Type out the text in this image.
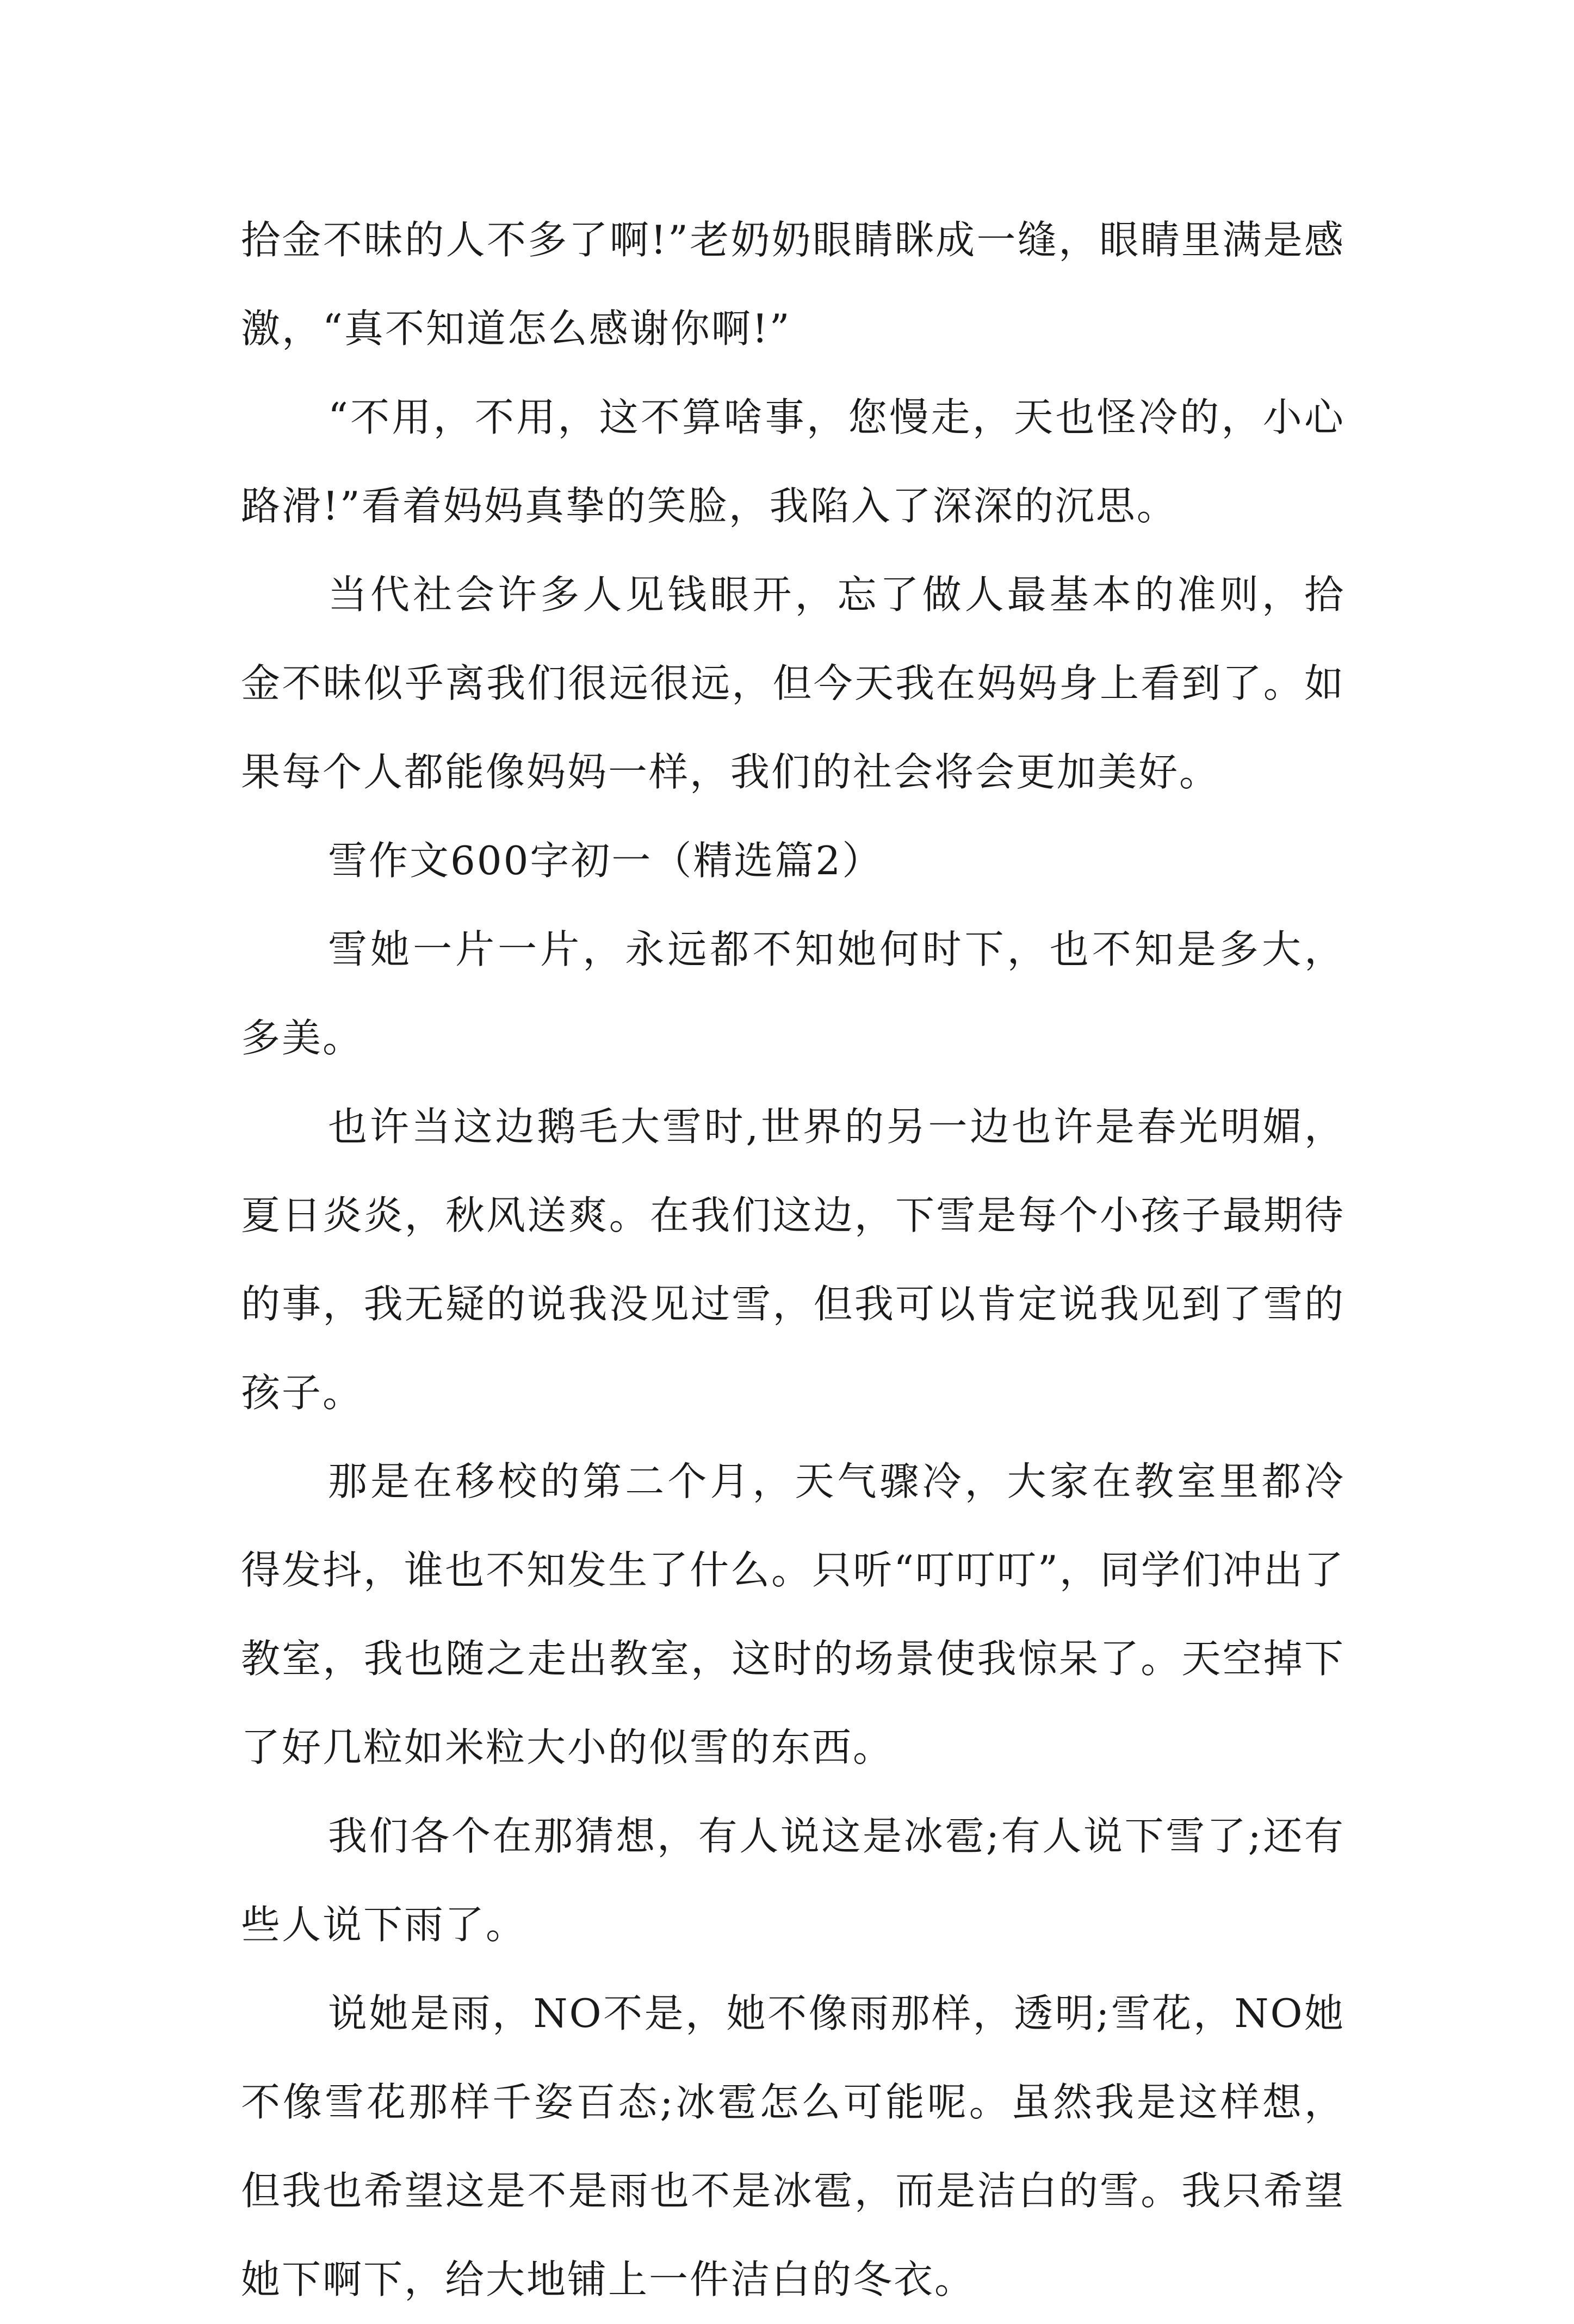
拾金不昧的人不多了啊!”老奶奶眼睛眯成一缝，眼睛里满是感激，“真不知道怎么感谢你啊!”

“不用，不用，这不算啥事，您慢走，天也怪冷的，小心路滑!”看着妈妈真挚的笑脸，我陷入了深深的沉思。

当代社会许多人见钱眼开，忘了做人最基本的准则，拾金不昧似乎离我们很远很远，但今天我在妈妈身上看到了。如果每个人都能像妈妈一样，我们的社会将会更加美好。

雪作文600字初一（精选篇2）

雪她一片一片，永远都不知她何时下，也不知是多大，多美。

也许当这边鹅毛大雪时,世界的另一边也许是春光明媚，夏日炎炎，秋风送爽。在我们这边，下雪是每个小孩子最期待的事，我无疑的说我没见过雪，但我可以肯定说我见到了雪的孩子。

那是在移校的第二个月，天气骤冷，大家在教室里都冷得发抖，谁也不知发生了什么。只听“叮叮叮”，同学们冲出了教室，我也随之走出教室，这时的场景使我惊呆了。天空掉下了好几粒如米粒大小的似雪的东西。

我们各个在那猜想，有人说这是冰雹;有人说下雪了;还有些人说下雨了。

说她是雨，NO不是，她不像雨那样，透明;雪花，NO她不像雪花那样千姿百态;冰雹怎么可能呢。虽然我是这样想，但我也希望这是不是雨也不是冰雹，而是洁白的雪。我只希望她下啊下，给大地铺上一件洁白的冬衣。
